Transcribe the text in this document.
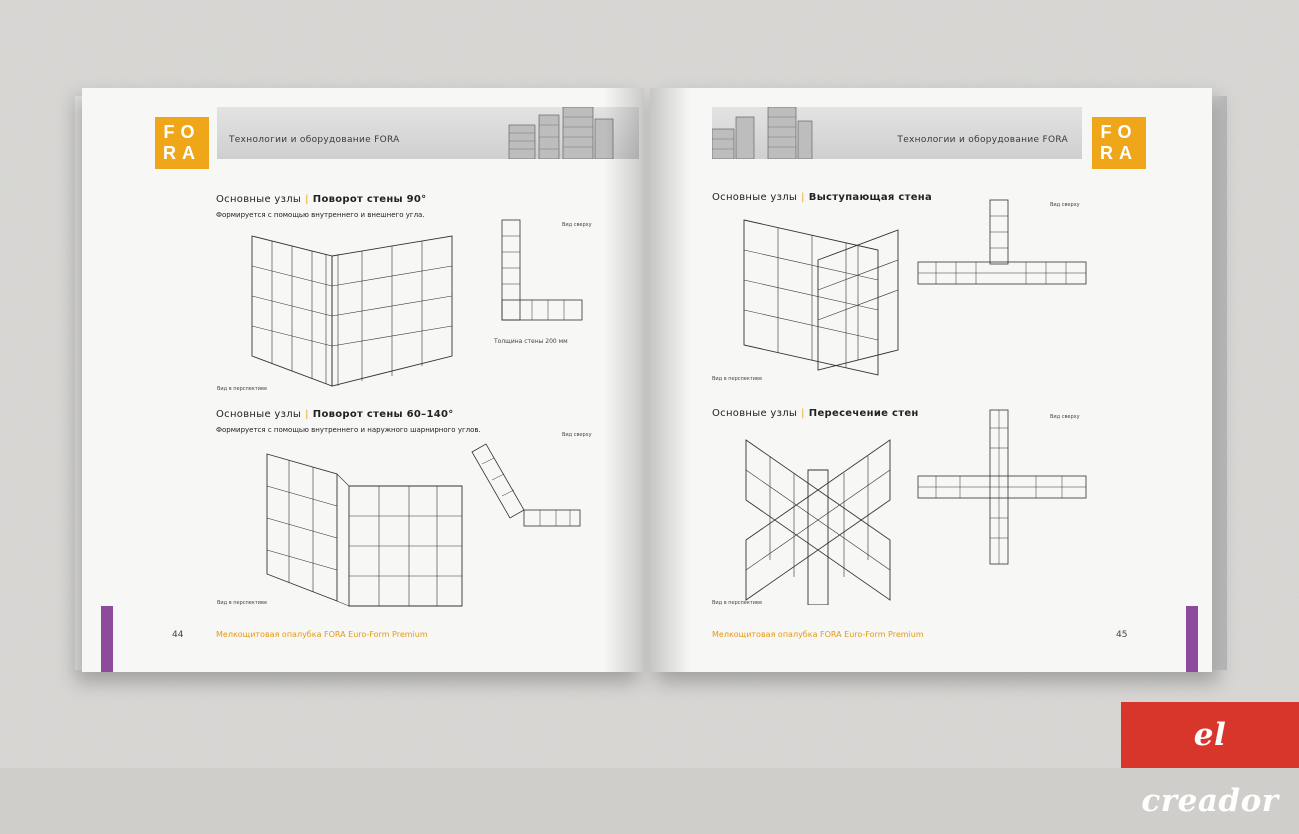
Технологии и оборудование FORA
FO
RA
Основные узлы | Поворот стены 90°
Формируется с помощью внутреннего и внешнего угла.
Вид в перспективе
Вид сверху
Толщина стены 200 мм
Основные узлы | Поворот стены 60–140°
Формируется с помощью внутреннего и наружного шарнирного углов.
Вид в перспективе
Вид сверху
44	Мелкощитовая опалубка FORA Euro-Form Premium
Технологии и оборудование FORA	FO
RA
Основные узлы | Выступающая стена
Вид в перспективе
Вид сверху
Основные узлы | Пересечение стен
Вид в перспективе
Вид сверху
Мелкощитовая опалубка FORA Euro-Form Premium	45
el creador
